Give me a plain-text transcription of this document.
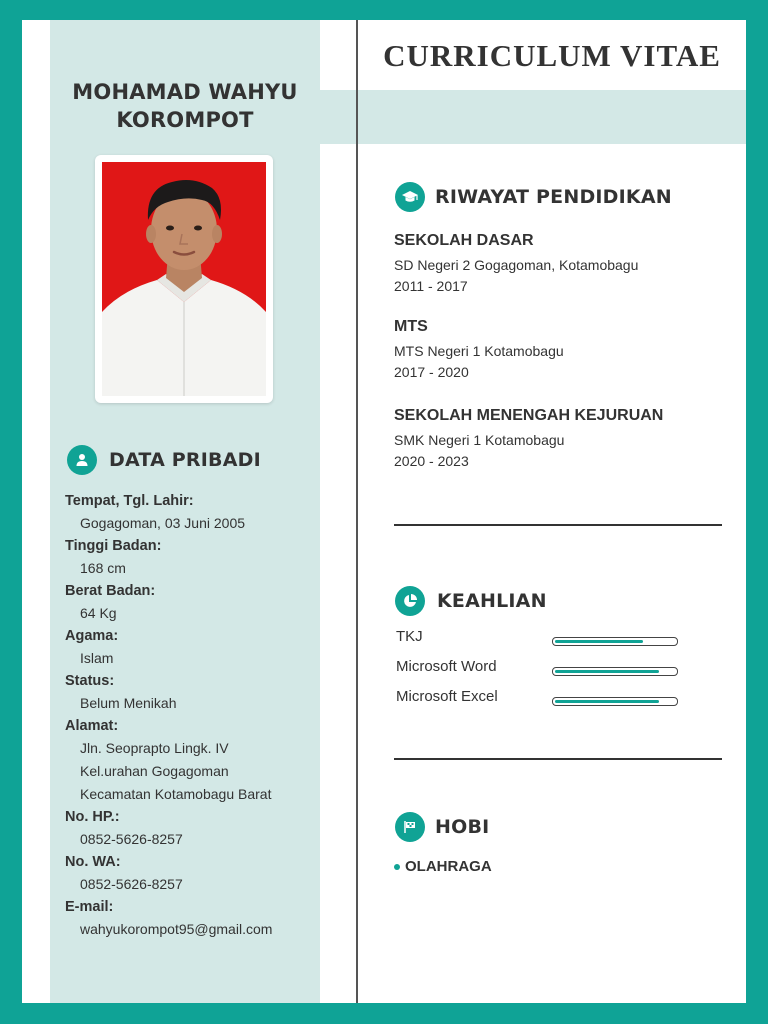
MOHAMAD WAHYU
KOROMPOT
DATA PRIBADI
Tempat, Tgl. Lahir:
Gogagoman, 03 Juni 2005
Tinggi Badan:
168 cm
Berat Badan:
64 Kg
Agama:
Islam
Status:
Belum Menikah
Alamat:
Jln. Seoprapto Lingk. IV
Kel.urahan Gogagoman
Kecamatan Kotamobagu Barat
No. HP.:
0852-5626-8257
No. WA:
0852-5626-8257
E-mail:
wahyukorompot95@gmail.com
CURRICULUM VITAE
RIWAYAT PENDIDIKAN
SEKOLAH DASAR
SD Negeri 2 Gogagoman, Kotamobagu
2011 - 2017
MTS
MTS Negeri 1 Kotamobagu
2017 - 2020
SEKOLAH MENENGAH KEJURUAN
SMK Negeri 1 Kotamobagu
2020 - 2023
KEAHLIAN
TKJ
Microsoft Word
Microsoft Excel
HOBI
OLAHRAGA
